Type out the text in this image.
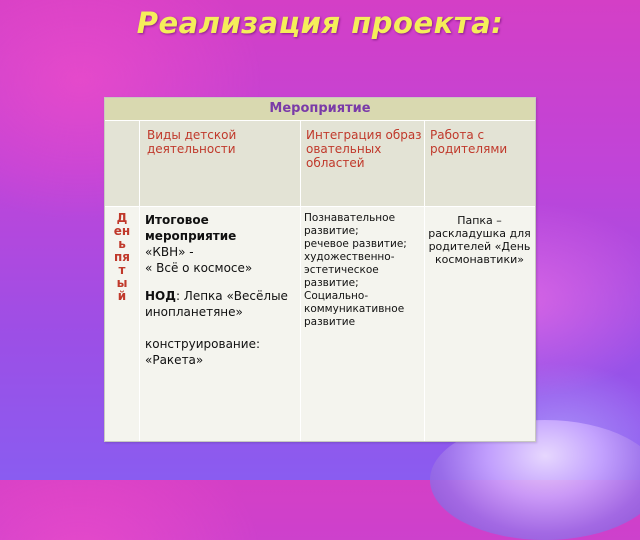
Реализация проекта:
Мероприятие
Виды детской
деятельности
Интеграция образовательных
областей
Работа с родителями
Д
ен
ь
пя
т
ы
й

Итоговое мероприятие

«КВН» -

« Всё о космосе»

НОД: Лепка «Весёлые инопланетяне»

конструирование: «Ракета»

Познавательное развитие;
речевое развитие; художественно-эстетическое развитие; Социально-коммуникативное развитие
Папка – раскладушка для родителей «День космонавтики»
